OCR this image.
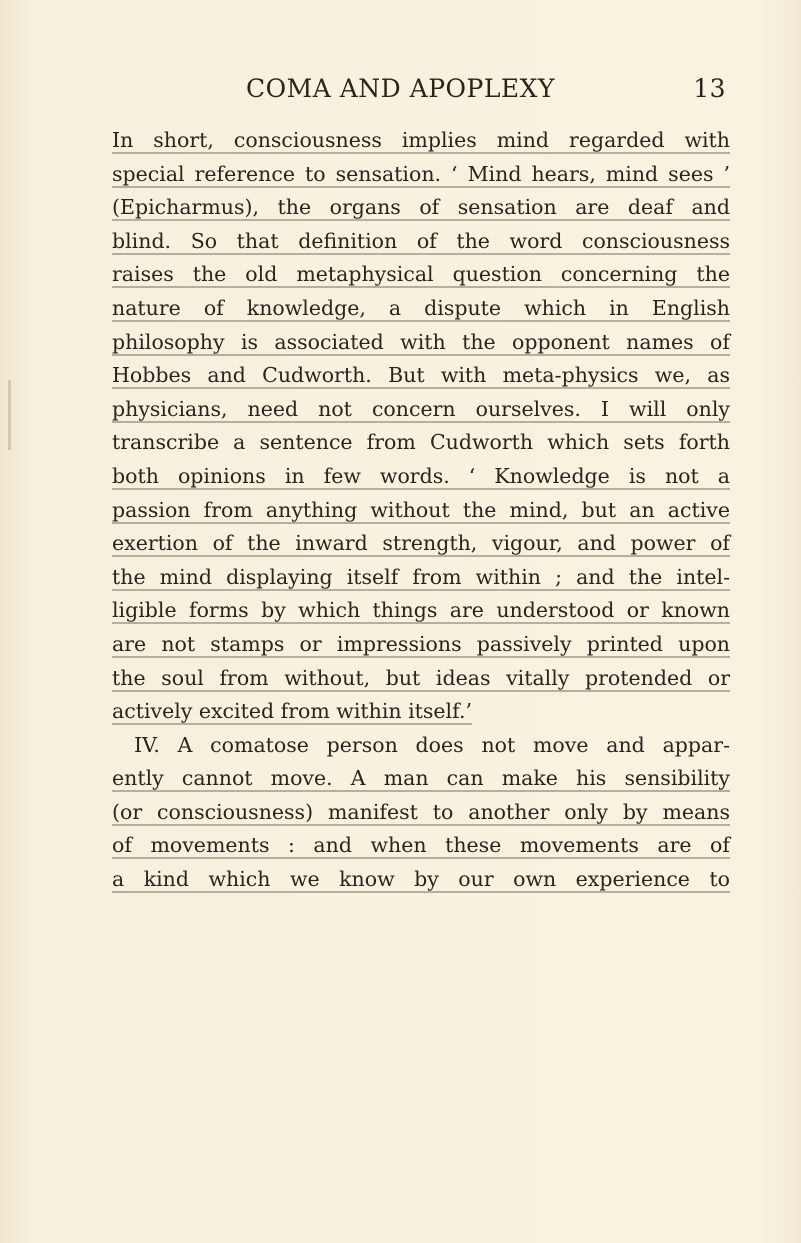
COMA AND APOPLEXY	13
In short, consciousness implies mind regarded with
special reference to sensation. ‘ Mind hears, mind sees ’
(Epicharmus), the organs of sensation are deaf and
blind. So that definition of the word consciousness
raises the old metaphysical question concerning the
nature of knowledge, a dispute which in English
philosophy is associated with the opponent names of
Hobbes and Cudworth. But with meta-physics we, as
physicians, need not concern ourselves. I will only
transcribe a sentence from Cudworth which sets forth
both opinions in few words. ‘ Knowledge is not a
passion from anything without the mind, but an active
exertion of the inward strength, vigour, and power of
the mind displaying itself from within ; and the intel-
ligible forms by which things are understood or known
are not stamps or impressions passively printed upon
the soul from without, but ideas vitally protended or
actively excited from within itself.’
IV. A comatose person does not move and appar-
ently cannot move. A man can make his sensibility
(or consciousness) manifest to another only by means
of movements : and when these movements are of
a kind which we know by our own experience to
